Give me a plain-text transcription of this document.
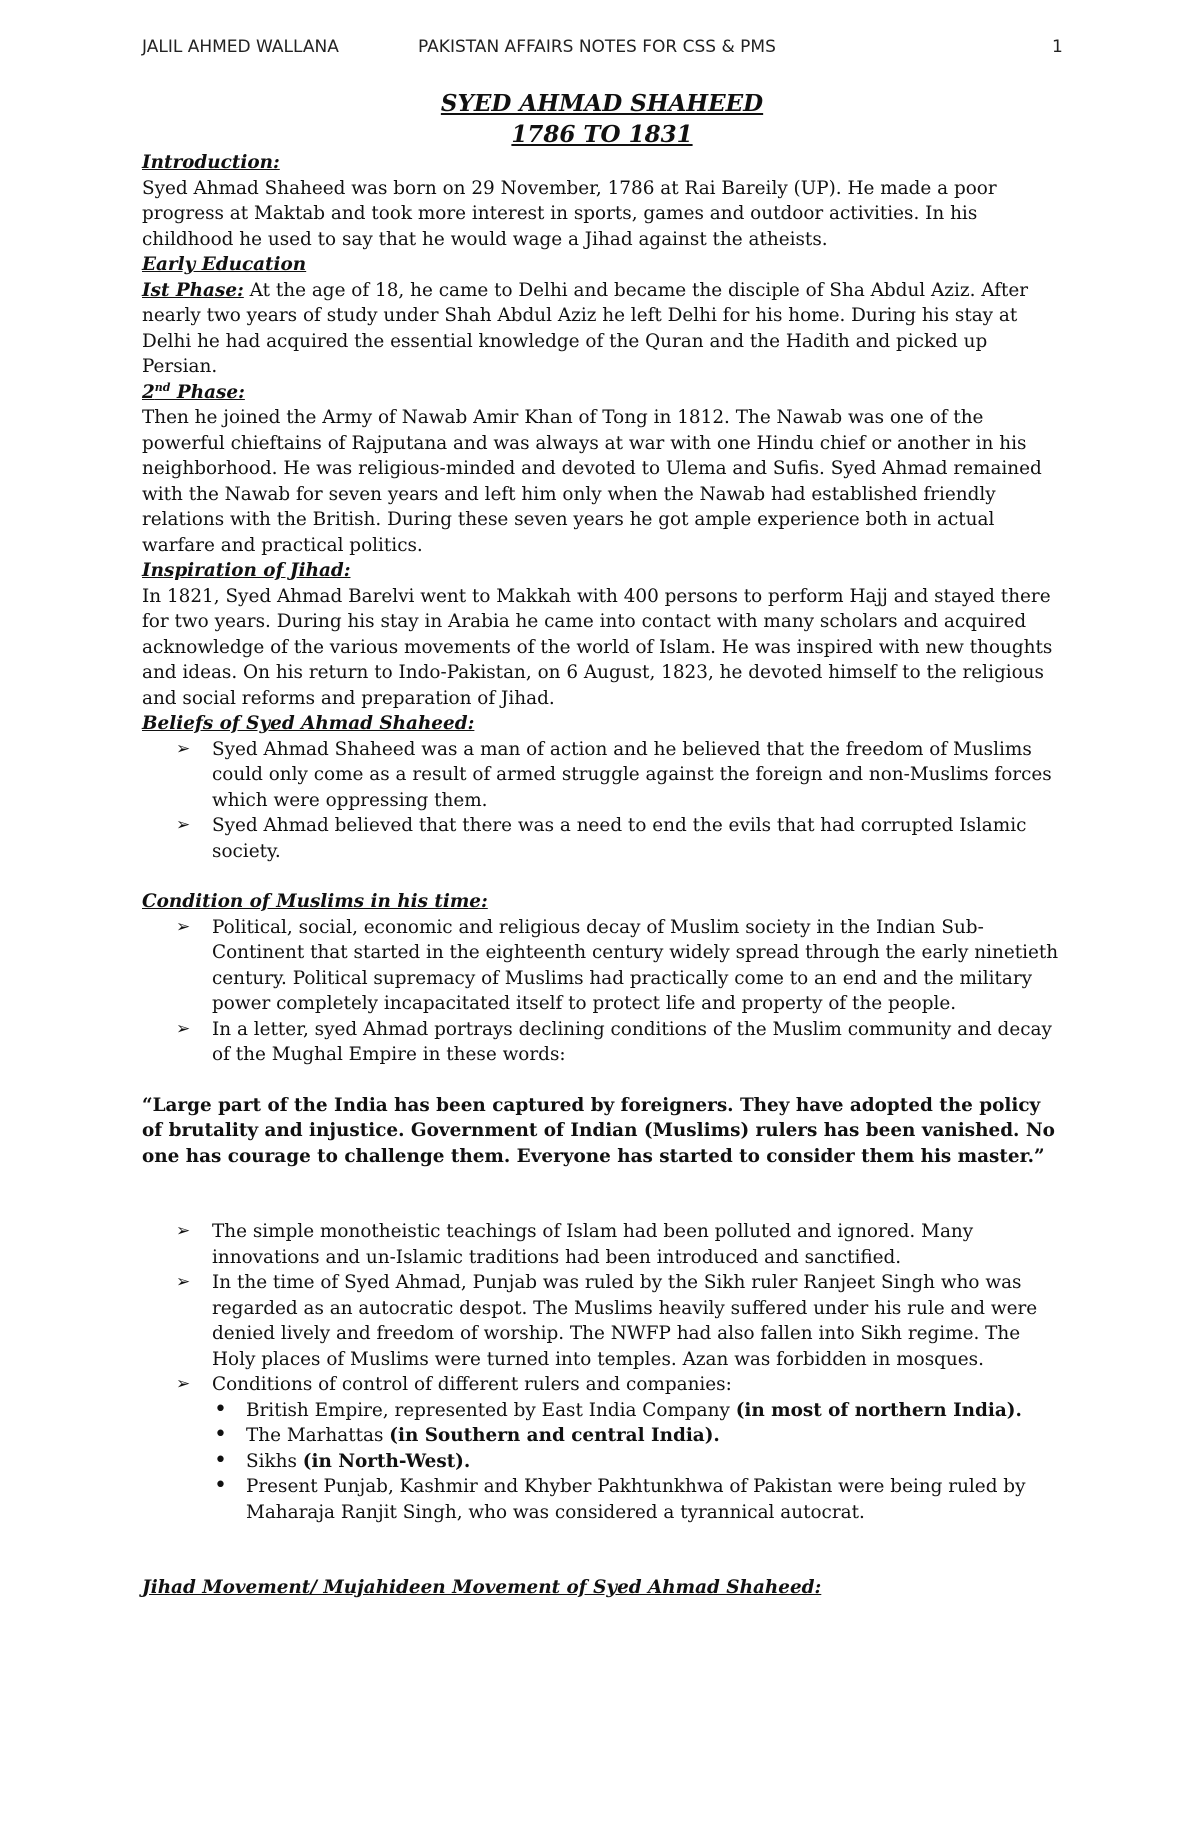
JALIL AHMED WALLANA	PAKISTAN AFFAIRS NOTES FOR CSS & PMS	1
SYED AHMAD SHAHEED
1786 TO 1831
Introduction:

Syed Ahmad Shaheed was born on 29 November, 1786 at Rai Bareily (UP). He made a poor progress at Maktab and took more interest in sports, games and outdoor activities. In his childhood he used to say that he would wage a Jihad against the atheists.

Early Education

Ist Phase: At the age of 18, he came to Delhi and became the disciple of Sha Abdul Aziz. After nearly two years of study under Shah Abdul Aziz he left Delhi for his home. During his stay at Delhi he had acquired the essential knowledge of the Quran and the Hadith and picked up Persian.

2nd Phase:

Then he joined the Army of Nawab Amir Khan of Tong in 1812. The Nawab was one of the powerful chieftains of Rajputana and was always at war with one Hindu chief or another in his neighborhood. He was religious-minded and devoted to Ulema and Sufis. Syed Ahmad remained with the Nawab for seven years and left him only when the Nawab had established friendly relations with the British. During these seven years he got ample experience both in actual warfare and practical politics.

Inspiration of Jihad:

In 1821, Syed Ahmad Barelvi went to Makkah with 400 persons to perform Hajj and stayed there for two years. During his stay in Arabia he came into contact with many scholars and acquired acknowledge of the various movements of the world of Islam. He was inspired with new thoughts and ideas. On his return to Indo-Pakistan, on 6 August, 1823, he devoted himself to the religious and social reforms and preparation of Jihad.

Beliefs of Syed Ahmad Shaheed:
➢ Syed Ahmad Shaheed was a man of action and he believed that the freedom of Muslims could only come as a result of armed struggle against the foreign and non-Muslims forces which were oppressing them.
➢ Syed Ahmad believed that there was a need to end the evils that had corrupted Islamic society.
Condition of Muslims in his time:
➢ Political, social, economic and religious decay of Muslim society in the Indian Sub-Continent that started in the eighteenth century widely spread through the early ninetieth century. Political supremacy of Muslims had practically come to an end and the military power completely incapacitated itself to protect life and property of the people.
➢ In a letter, syed Ahmad portrays declining conditions of the Muslim community and decay of the Mughal Empire in these words:

“Large part of the India has been captured by foreigners. They have adopted the policy of brutality and injustice. Government of Indian (Muslims) rulers has been vanished. No one has courage to challenge them. Everyone has started to consider them his master.”

➢ The simple monotheistic teachings of Islam had been polluted and ignored. Many innovations and un-Islamic traditions had been introduced and sanctified.
➢ In the time of Syed Ahmad, Punjab was ruled by the Sikh ruler Ranjeet Singh who was regarded as an autocratic despot. The Muslims heavily suffered under his rule and were denied lively and freedom of worship. The NWFP had also fallen into Sikh regime. The Holy places of Muslims were turned into temples. Azan was forbidden in mosques.
➢ Conditions of control of different rulers and companies:
• British Empire, represented by East India Company (in most of northern India).
• The Marhattas (in Southern and central India).
• Sikhs (in North-West).
• Present Punjab, Kashmir and Khyber Pakhtunkhwa of Pakistan were being ruled by Maharaja Ranjit Singh, who was considered a tyrannical autocrat.
Jihad Movement/ Mujahideen Movement of Syed Ahmad Shaheed:
